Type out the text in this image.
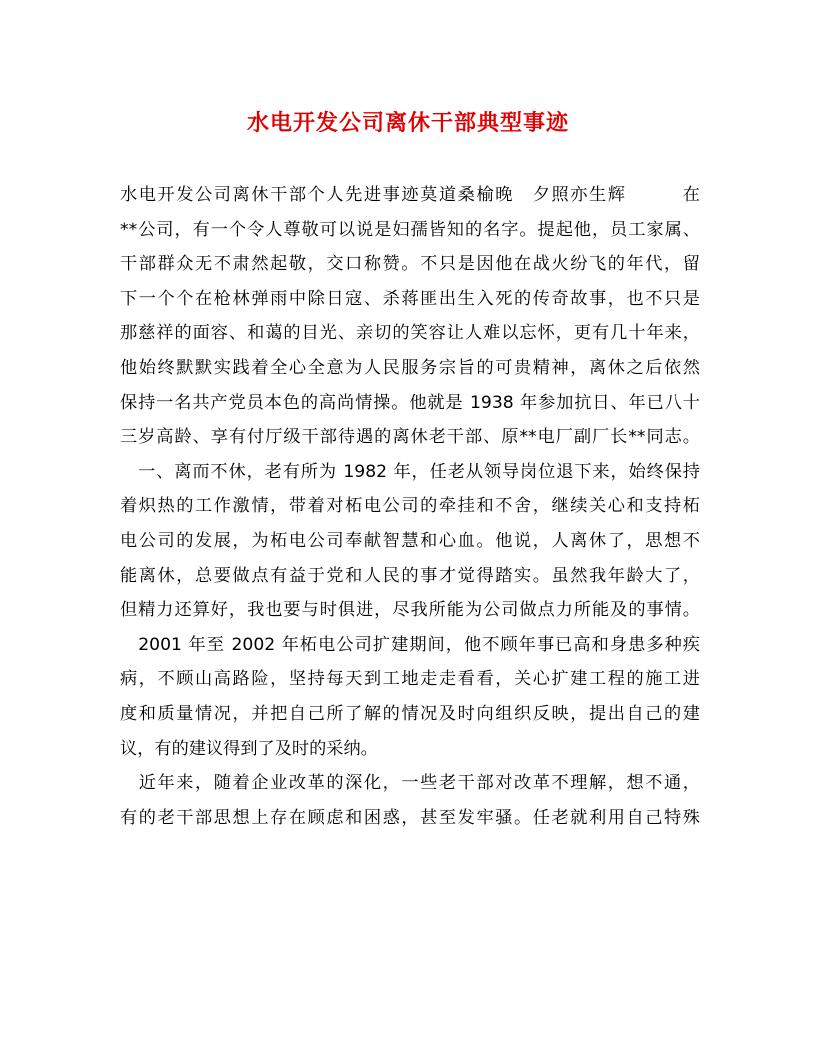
水电开发公司离休干部典型事迹
水电开发公司离休干部个人先进事迹莫道桑榆晚　夕照亦生辉　　　在
**公司，有一个令人尊敬可以说是妇孺皆知的名字。提起他，员工家属、
干部群众无不肃然起敬，交口称赞。不只是因他在战火纷飞的年代，留
下一个个在枪林弹雨中除日寇、杀蒋匪出生入死的传奇故事，也不只是
那慈祥的面容、和蔼的目光、亲切的笑容让人难以忘怀，更有几十年来，
他始终默默实践着全心全意为人民服务宗旨的可贵精神，离休之后依然
保持一名共产党员本色的高尚情操。他就是 1938 年参加抗日、年已八十
三岁高龄、享有付厅级干部待遇的离休老干部、原**电厂副厂长**同志。
　一、离而不休，老有所为 1982 年，任老从领导岗位退下来，始终保持
着炽热的工作激情，带着对柘电公司的牵挂和不舍，继续关心和支持柘
电公司的发展，为柘电公司奉献智慧和心血。他说，人离休了，思想不
能离休，总要做点有益于党和人民的事才觉得踏实。虽然我年龄大了，
但精力还算好，我也要与时俱进，尽我所能为公司做点力所能及的事情。
　2001 年至 2002 年柘电公司扩建期间，他不顾年事已高和身患多种疾
病，不顾山高路险，坚持每天到工地走走看看，关心扩建工程的施工进
度和质量情况，并把自己所了解的情况及时向组织反映，提出自己的建
议，有的建议得到了及时的采纳。
　近年来，随着企业改革的深化，一些老干部对改革不理解，想不通，
有的老干部思想上存在顾虑和困惑，甚至发牢骚。任老就利用自己特殊
